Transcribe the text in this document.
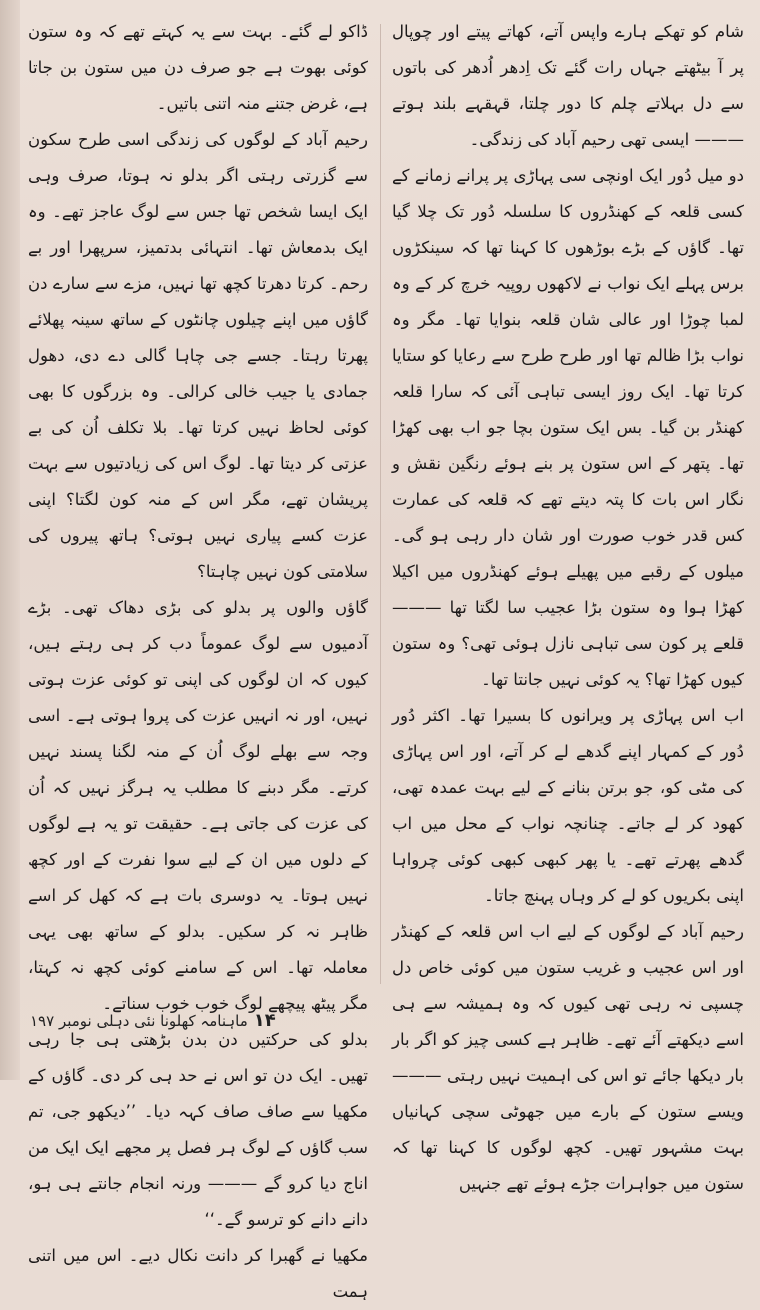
شام کو تھکے ہارے واپس آتے، کھاتے پیتے اور چوپال پر آ بیٹھتے جہاں رات گئے تک اِدھر اُدھر کی باتوں سے دل بہلاتے چلم کا دور چلتا، قہقہے بلند ہوتے ——— ایسی تھی رحیم آباد کی زندگی۔

دو میل دُور ایک اونچی سی پہاڑی پر پرانے زمانے کے کسی قلعہ کے کھنڈروں کا سلسلہ دُور تک چلا گیا تھا۔ گاؤں کے بڑے بوڑھوں کا کہنا تھا کہ سینکڑوں برس پہلے ایک نواب نے لاکھوں روپیہ خرچ کر کے وہ لمبا چوڑا اور عالی شان قلعہ بنوایا تھا۔ مگر وہ نواب بڑا ظالم تھا اور طرح طرح سے رعایا کو ستایا کرتا تھا۔ ایک روز ایسی تباہی آئی کہ سارا قلعہ کھنڈر بن گیا۔ بس ایک ستون بچا جو اب بھی کھڑا تھا۔ پتھر کے اس ستون پر بنے ہوئے رنگین نقش و نگار اس بات کا پتہ دیتے تھے کہ قلعہ کی عمارت کس قدر خوب صورت اور شان دار رہی ہو گی۔ میلوں کے رقبے میں پھیلے ہوئے کھنڈروں میں اکیلا کھڑا ہوا وہ ستون بڑا عجیب سا لگتا تھا ——— قلعے پر کون سی تباہی نازل ہوئی تھی؟ وہ ستون کیوں کھڑا تھا؟ یہ کوئی نہیں جانتا تھا۔

اب اس پہاڑی پر ویرانوں کا بسیرا تھا۔ اکثر دُور دُور کے کمہار اپنے گدھے لے کر آتے، اور اس پہاڑی کی مٹی کو، جو برتن بنانے کے لیے بہت عمدہ تھی، کھود کر لے جاتے۔ چنانچہ نواب کے محل میں اب گدھے پھرتے تھے۔ یا پھر کبھی کبھی کوئی چرواہا اپنی بکریوں کو لے کر وہاں پہنچ جاتا۔

رحیم آباد کے لوگوں کے لیے اب اس قلعہ کے کھنڈر اور اس عجیب و غریب ستون میں کوئی خاص دل چسپی نہ رہی تھی کیوں کہ وہ ہمیشہ سے ہی اسے دیکھتے آئے تھے۔ ظاہر ہے کسی چیز کو اگر بار بار دیکھا جائے تو اس کی اہمیت نہیں رہتی ——— ویسے ستون کے بارے میں جھوٹی سچی کہانیاں بہت مشہور تھیں۔ کچھ لوگوں کا کہنا تھا کہ ستون میں جواہرات جڑے ہوئے تھے جنہیں

ڈاکو لے گئے۔ بہت سے یہ کہتے تھے کہ وہ ستون کوئی بھوت ہے جو صرف دن میں ستون بن جاتا ہے، غرض جتنے منہ اتنی باتیں۔

رحیم آباد کے لوگوں کی زندگی اسی طرح سکون سے گزرتی رہتی اگر بدلو نہ ہوتا، صرف وہی ایک ایسا شخص تھا جس سے لوگ عاجز تھے۔ وہ ایک بدمعاش تھا۔ انتہائی بدتمیز، سرپھرا اور بے رحم۔ کرتا دھرتا کچھ تھا نہیں، مزے سے سارے دن گاؤں میں اپنے چیلوں چانٹوں کے ساتھ سینہ پھلائے پھرتا رہتا۔ جسے جی چاہا گالی دے دی، دھول جمادی یا جیب خالی کرالی۔ وہ بزرگوں کا بھی کوئی لحاظ نہیں کرتا تھا۔ بلا تکلف اُن کی بے عزتی کر دیتا تھا۔ لوگ اس کی زیادتیوں سے بہت پریشان تھے، مگر اس کے منہ کون لگتا؟ اپنی عزت کسے پیاری نہیں ہوتی؟ ہاتھ پیروں کی سلامتی کون نہیں چاہتا؟

گاؤں والوں پر بدلو کی بڑی دھاک تھی۔ بڑے آدمیوں سے لوگ عموماً دب کر ہی رہتے ہیں، کیوں کہ ان لوگوں کی اپنی تو کوئی عزت ہوتی نہیں، اور نہ انہیں عزت کی پروا ہوتی ہے۔ اسی وجہ سے بھلے لوگ اُن کے منہ لگنا پسند نہیں کرتے۔ مگر دبنے کا مطلب یہ ہرگز نہیں کہ اُن کی عزت کی جاتی ہے۔ حقیقت تو یہ ہے لوگوں کے دلوں میں ان کے لیے سوا نفرت کے اور کچھ نہیں ہوتا۔ یہ دوسری بات ہے کہ کھل کر اسے ظاہر نہ کر سکیں۔ بدلو کے ساتھ بھی یہی معاملہ تھا۔ اس کے سامنے کوئی کچھ نہ کہتا، مگر پیٹھ پیچھے لوگ خوب خوب سناتے۔

بدلو کی حرکتیں دن بدن بڑھتی ہی جا رہی تھیں۔ ایک دن تو اس نے حد ہی کر دی۔ گاؤں کے مکھیا سے صاف صاف کہہ دیا۔ ’’دیکھو جی، تم سب گاؤں کے لوگ ہر فصل پر مجھے ایک ایک من اناج دیا کرو گے ——— ورنہ انجام جانتے ہی ہو، دانے دانے کو ترسو گے۔‘‘

مکھیا نے گھبرا کر دانت نکال دیے۔ اس میں اتنی ہمت

۱۴
ماہنامہ کھلونا نئی دہلی نومبر ۱۹۷
